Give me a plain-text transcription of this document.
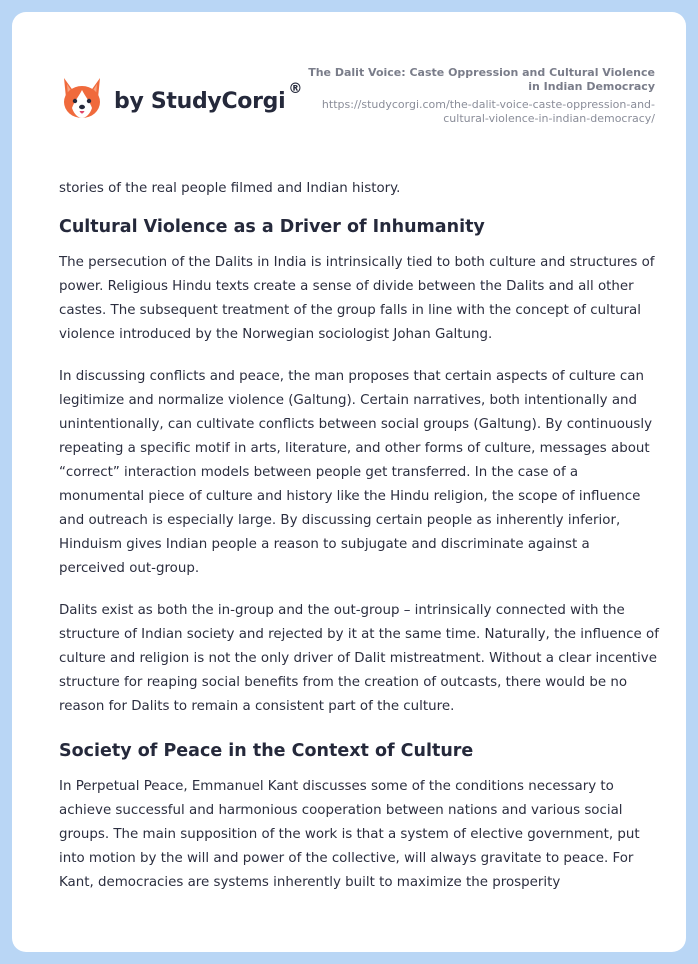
by StudyCorgi ®
The Dalit Voice: Caste Oppression and Cultural Violence in Indian Democracy
https://studycorgi.com/the-dalit-voice-caste-oppression-and-cultural-violence-in-indian-democracy/

stories of the real people filmed and Indian history.

Cultural Violence as a Driver of Inhumanity

The persecution of the Dalits in India is intrinsically tied to both culture and structures of power. Religious Hindu texts create a sense of divide between the Dalits and all other castes. The subsequent treatment of the group falls in line with the concept of cultural violence introduced by the Norwegian sociologist Johan Galtung.

In discussing conflicts and peace, the man proposes that certain aspects of culture can legitimize and normalize violence (Galtung). Certain narratives, both intentionally and unintentionally, can cultivate conflicts between social groups (Galtung). By continuously repeating a specific motif in arts, literature, and other forms of culture, messages about “correct” interaction models between people get transferred. In the case of a monumental piece of culture and history like the Hindu religion, the scope of influence and outreach is especially large. By discussing certain people as inherently inferior, Hinduism gives Indian people a reason to subjugate and discriminate against a perceived out-group.

Dalits exist as both the in-group and the out-group – intrinsically connected with the structure of Indian society and rejected by it at the same time. Naturally, the influence of culture and religion is not the only driver of Dalit mistreatment. Without a clear incentive structure for reaping social benefits from the creation of outcasts, there would be no reason for Dalits to remain a consistent part of the culture.

Society of Peace in the Context of Culture

In Perpetual Peace, Emmanuel Kant discusses some of the conditions necessary to achieve successful and harmonious cooperation between nations and various social groups. The main supposition of the work is that a system of elective government, put into motion by the will and power of the collective, will always gravitate to peace. For Kant, democracies are systems inherently built to maximize the prosperity
